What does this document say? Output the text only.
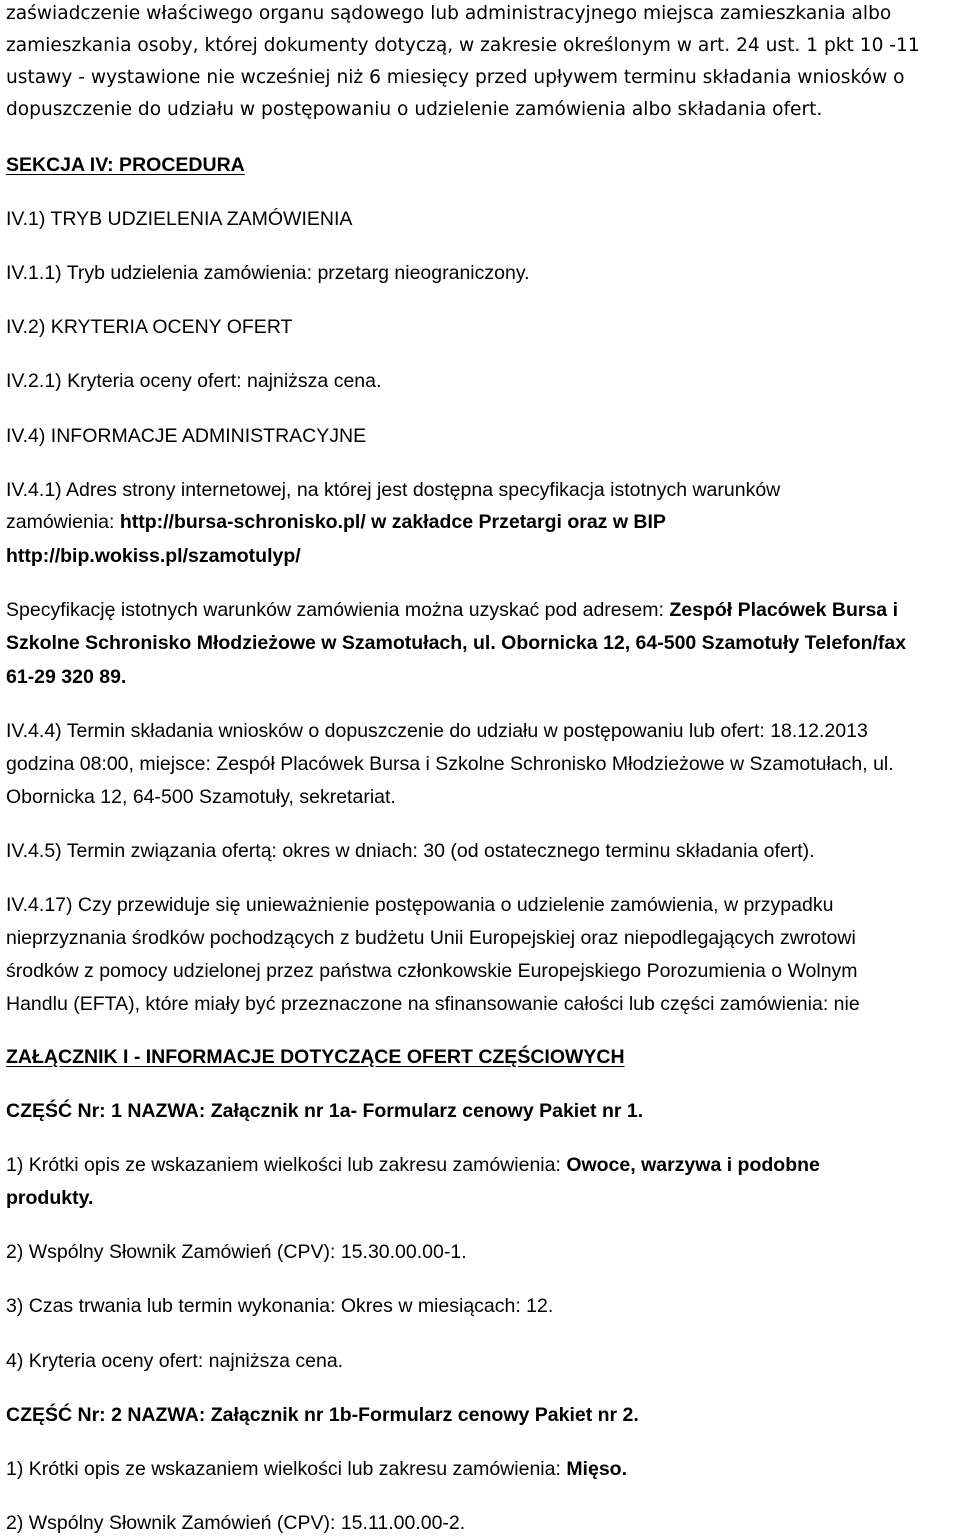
zaświadczenie właściwego organu sądowego lub administracyjnego miejsca zamieszkania albo
zamieszkania osoby, której dokumenty dotyczą, w zakresie określonym w art. 24 ust. 1 pkt 10 -11
ustawy - wystawione nie wcześniej niż 6 miesięcy przed upływem terminu składania wniosków o
dopuszczenie do udziału w postępowaniu o udzielenie zamówienia albo składania ofert.
SEKCJA IV: PROCEDURA
IV.1) TRYB UDZIELENIA ZAMÓWIENIA
IV.1.1) Tryb udzielenia zamówienia: przetarg nieograniczony.
IV.2) KRYTERIA OCENY OFERT
IV.2.1) Kryteria oceny ofert: najniższa cena.
IV.4) INFORMACJE ADMINISTRACYJNE
IV.4.1) Adres strony internetowej, na której jest dostępna specyfikacja istotnych warunków
zamówienia: http://bursa-schronisko.pl/ w zakładce Przetargi oraz w BIP
http://bip.wokiss.pl/szamotulyp/
Specyfikację istotnych warunków zamówienia można uzyskać pod adresem: Zespół Placówek Bursa i
Szkolne Schronisko Młodzieżowe w Szamotułach, ul. Obornicka 12, 64-500 Szamotuły Telefon/fax
61-29 320 89.
IV.4.4) Termin składania wniosków o dopuszczenie do udziału w postępowaniu lub ofert: 18.12.2013
godzina 08:00, miejsce: Zespół Placówek Bursa i Szkolne Schronisko Młodzieżowe w Szamotułach, ul.
Obornicka 12, 64-500 Szamotuły, sekretariat.
IV.4.5) Termin związania ofertą: okres w dniach: 30 (od ostatecznego terminu składania ofert).
IV.4.17) Czy przewiduje się unieważnienie postępowania o udzielenie zamówienia, w przypadku
nieprzyznania środków pochodzących z budżetu Unii Europejskiej oraz niepodlegających zwrotowi
środków z pomocy udzielonej przez państwa członkowskie Europejskiego Porozumienia o Wolnym
Handlu (EFTA), które miały być przeznaczone na sfinansowanie całości lub części zamówienia: nie
ZAŁĄCZNIK I - INFORMACJE DOTYCZĄCE OFERT CZĘŚCIOWYCH
CZĘŚĆ Nr: 1 NAZWA: Załącznik nr 1a- Formularz cenowy Pakiet nr 1.
1) Krótki opis ze wskazaniem wielkości lub zakresu zamówienia: Owoce, warzywa i podobne
produkty.
2) Wspólny Słownik Zamówień (CPV): 15.30.00.00-1.
3) Czas trwania lub termin wykonania: Okres w miesiącach: 12.
4) Kryteria oceny ofert: najniższa cena.
CZĘŚĆ Nr: 2 NAZWA: Załącznik nr 1b-Formularz cenowy Pakiet nr 2.
1) Krótki opis ze wskazaniem wielkości lub zakresu zamówienia: Mięso.
2) Wspólny Słownik Zamówień (CPV): 15.11.00.00-2.
